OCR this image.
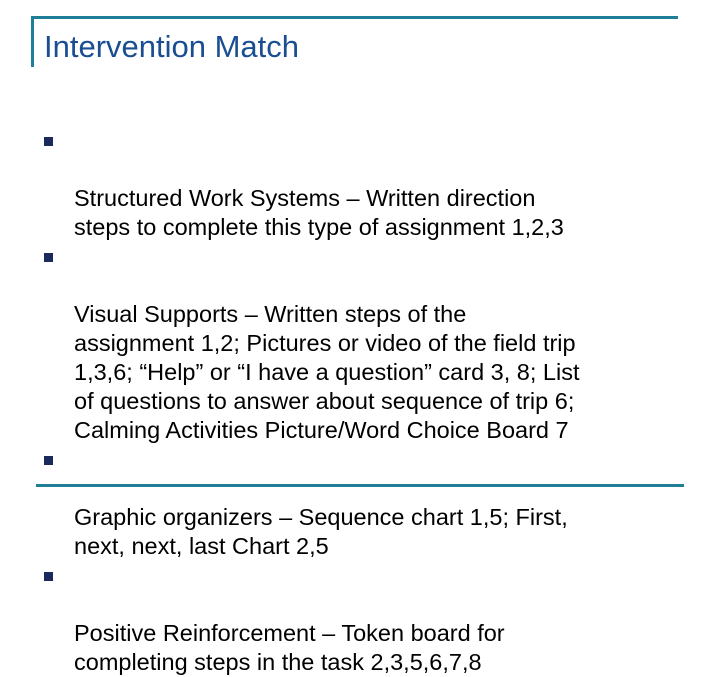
Intervention Match

Structured Work Systems – Written direction
steps to complete this type of assignment 1,2,3

Visual Supports – Written steps of the
assignment 1,2; Pictures or video of the field trip
1,3,6; “Help” or “I have a question” card 3, 8; List
of questions to answer about sequence of trip 6;
Calming Activities Picture/Word Choice Board 7

Graphic organizers – Sequence chart 1,5; First,
next, next, last Chart 2,5

Positive Reinforcement – Token board for
completing steps in the task 2,3,5,6,7,8
